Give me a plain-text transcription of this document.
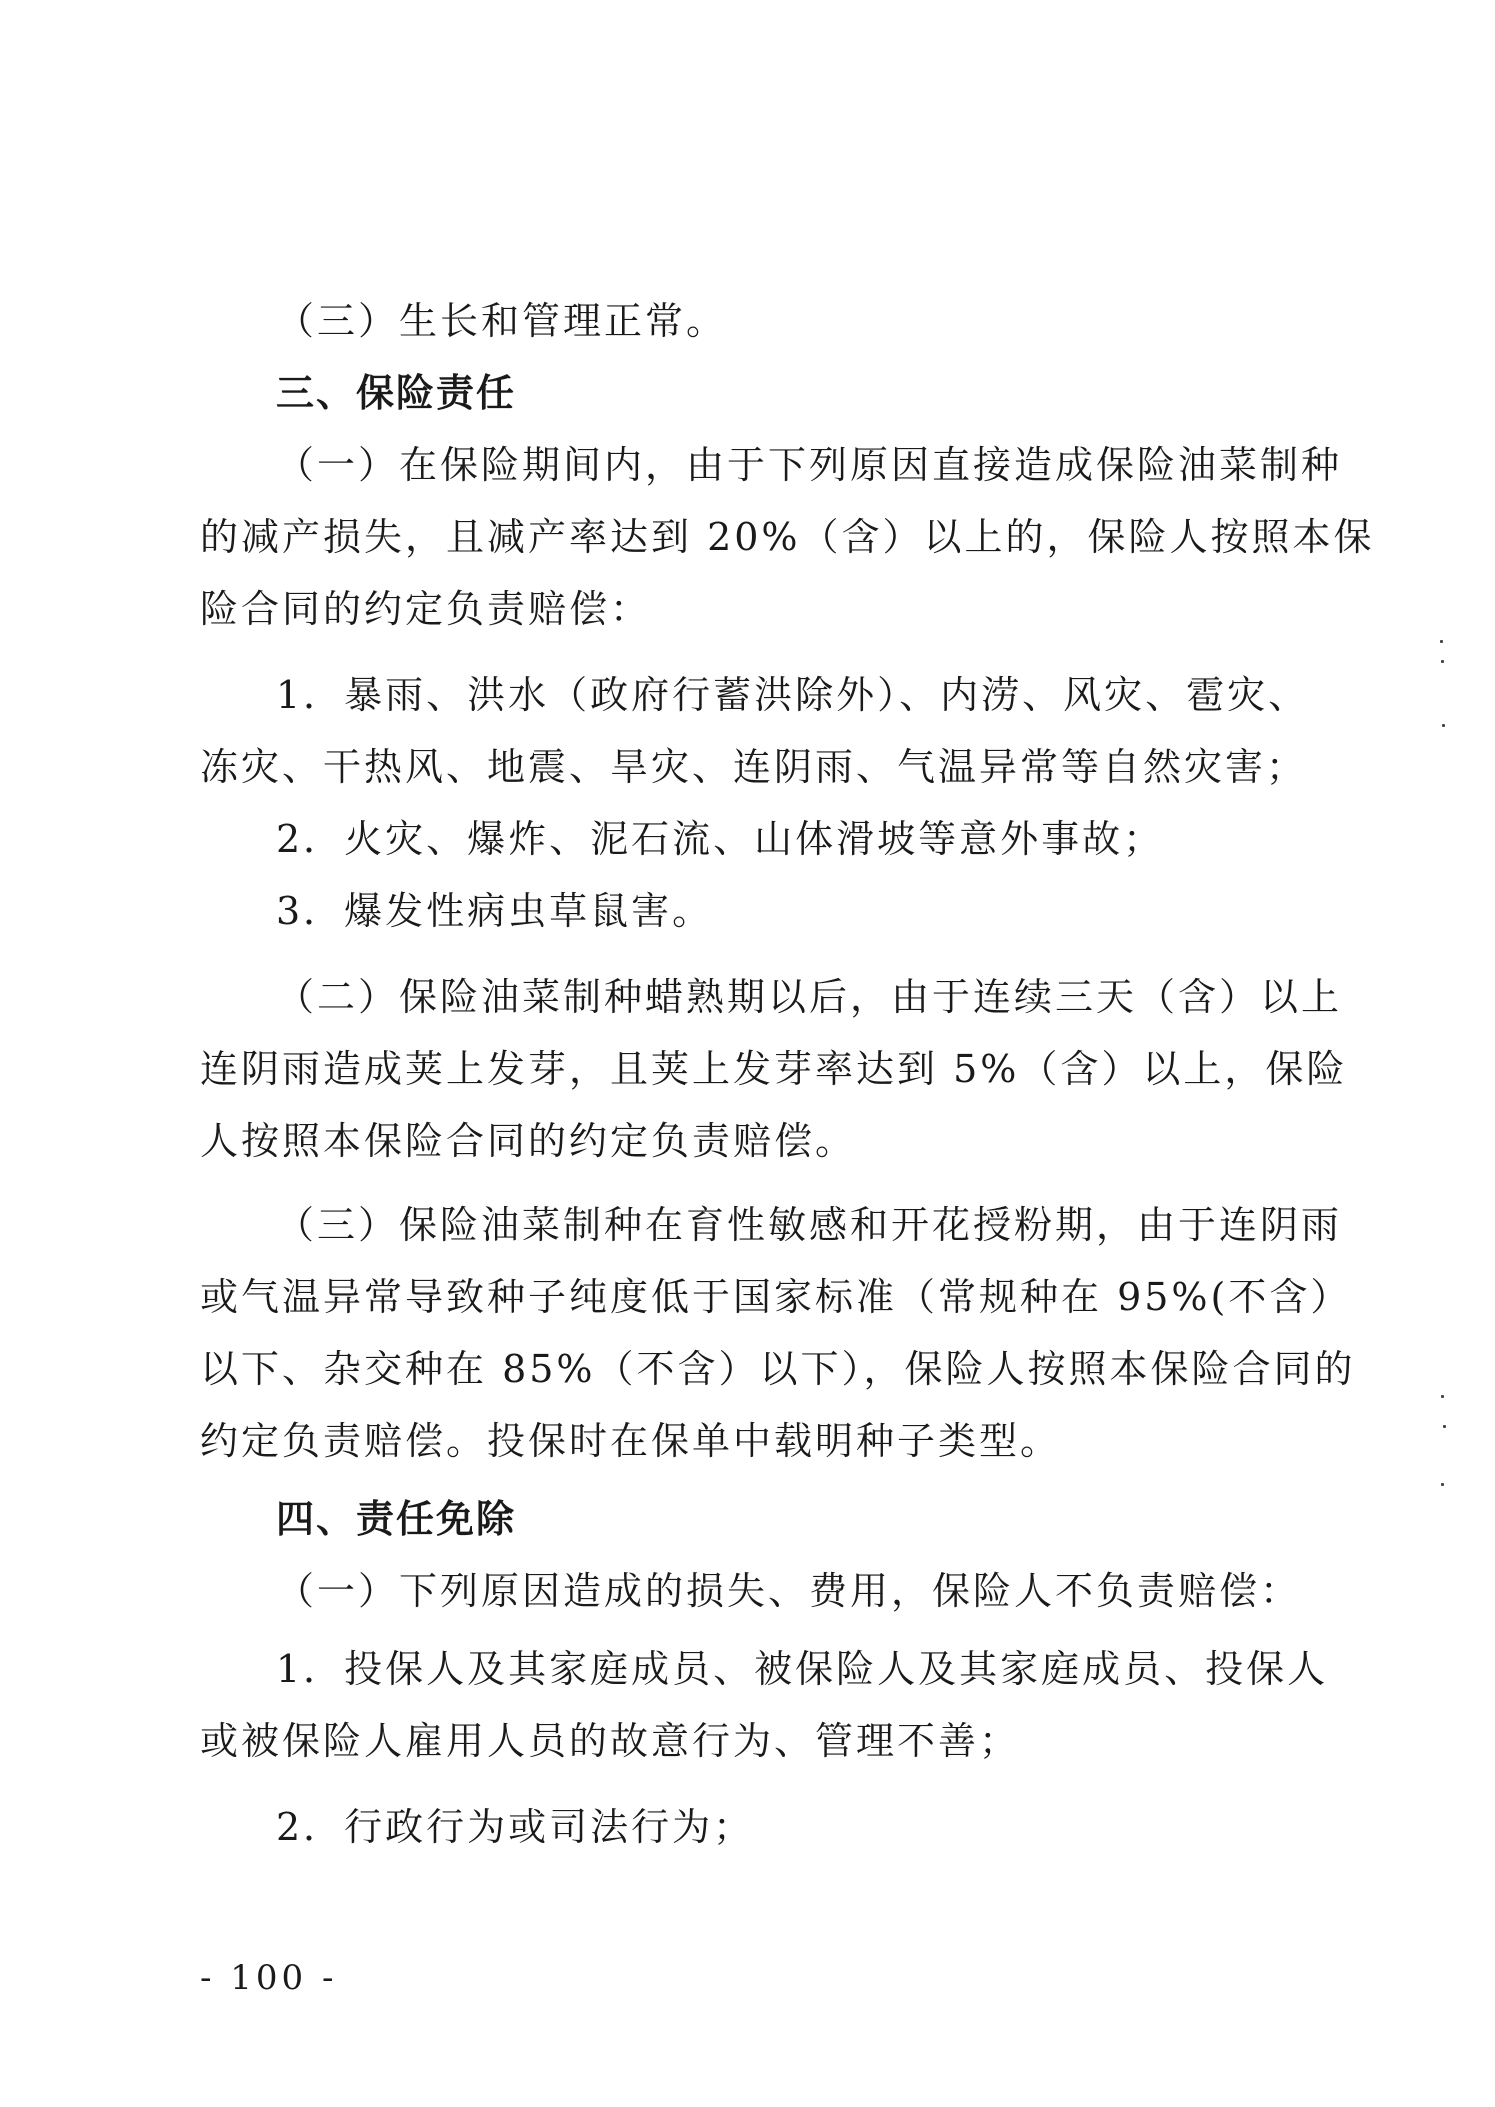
（三）生长和管理正常。
三、保险责任
（一）在保险期间内，由于下列原因直接造成保险油菜制种
的减产损失，且减产率达到 20%（含）以上的，保险人按照本保
险合同的约定负责赔偿：
1．暴雨、洪水（政府行蓄洪除外）、内涝、风灾、雹灾、
冻灾、干热风、地震、旱灾、连阴雨、气温异常等自然灾害；
2．火灾、爆炸、泥石流、山体滑坡等意外事故；
3．爆发性病虫草鼠害。
（二）保险油菜制种蜡熟期以后，由于连续三天（含）以上
连阴雨造成荚上发芽，且荚上发芽率达到 5%（含）以上，保险
人按照本保险合同的约定负责赔偿。
（三）保险油菜制种在育性敏感和开花授粉期，由于连阴雨
或气温异常导致种子纯度低于国家标准（常规种在 95%(不含）
以下、杂交种在 85%（不含）以下），保险人按照本保险合同的
约定负责赔偿。投保时在保单中载明种子类型。
四、责任免除
（一）下列原因造成的损失、费用，保险人不负责赔偿：
1．投保人及其家庭成员、被保险人及其家庭成员、投保人
或被保险人雇用人员的故意行为、管理不善；
2．行政行为或司法行为；
- 100 -
